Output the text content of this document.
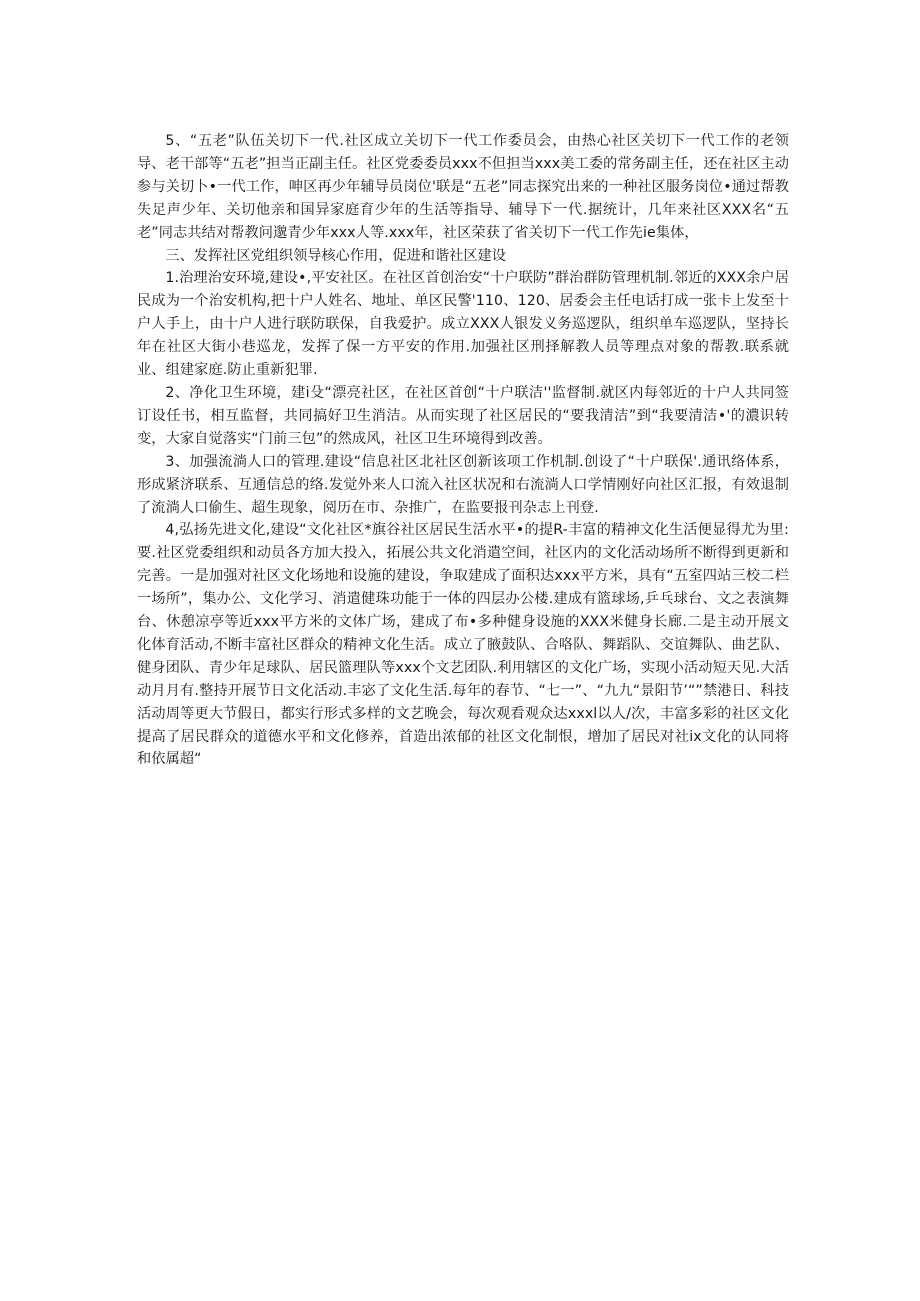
5、“五老”队伍关切下一代.社区成立关切下一代工作委员会，由热心社区关切下一代工作的老领导、老干部等“五老”担当正副主任。社区党委委员xxx不但担当xxx美工委的常务副主任，还在社区主动参与关切卜•一代工作，呻区再少年辅导员岗位'联是“五老”同志探究出来的一种社区服务岗位•通过帮教失足声少年、关切他亲和国异家庭育少年的生活等指导、辅导下一代.据统计，几年来社区XXX名“五老”同志共结对帮教问邈青少年xxx人等.xxx年，社区荣获了省关切下一代工作先ie集体，

三、发挥社区党组织领导核心作用，促进和谐社区建设

1.治理治安环境,建设•,平安社区。在社区首创治安“十户联防”群治群防管理机制.邻近的XXX余户居民成为一个治安机构,把十户人姓名、地址、单区民警'110、120、居委会主任电话打成一张卡上发至十户人手上，由十户人进行联防联保，自我爱护。成立XXX人银发义务巡逻队，组织单车巡逻队，坚持长年在社区大街小巷巡龙，发挥了保一方平安的作用.加强社区刑择解教人员等理点对象的帮教.联系就业、组建家庭.防止重新犯罪.

2、净化卫生环境，建i殳“漂亮社区，在社区首创“十户联洁''监督制.就区内每邻近的十户人共同签订设任书，相互监督，共同搞好卫生消洁。从而实现了社区居民的“要我清洁”到“我要清洁•'的濃识转变，大家自觉落实“门前三包”的然成风，社区卫生环境得到改善。

3、加强流淌人口的管理.建设“信息社区北社区创新该项工作机制.创设了“十户联保'.通讯络体系，形成紧济联系、互通信总的络.发觉外来人口流入社区状况和右流淌人口学情刚好向社区汇报，有效退制了流淌人口偷生、超生现象，阅历在市、杂推广，在监要报刊杂志上刊登.

4,弘扬先进文化,建设“文化社区*旗谷社区居民生活水平•的提R-丰富的精神文化生活便显得尤为里:要.社区党委组织和动员各方加大投入，拓展公共文化消遣空间，社区内的文化活动场所不断得到更新和完善。一是加强对社区文化场地和设施的建设，争取建成了面积达xxx平方米，具有“五室四站三校二栏一场所”，集办公、文化学习、消遣健珠功能于一体的四层办公楼.建成有篮球场,乒乓球台、文之表演舞台、休憩凉亭等近xxx平方米的文体广场，建成了布•多种健身设施的XXX米健身长廊.二是主动开展文化体育活动,不断丰富社区群众的精神文化生活。成立了腋鼓队、合咯队、舞蹈队、交谊舞队、曲艺队、健身团队、青少年足球队、居民篮理队等xxx个文艺团队.利用辖区的文化广场，实现小活动短天见.大活动月月有.整持开展节日文化活动.丰宓了文化生活.每年的春节、“七一”、“九九“景阳节’“”禁港日、科技活动周等更大节假日，都实行形式多样的文艺晚会，每次观看观众达xxxl以人/次，丰富多彩的社区文化提高了居民群众的道德水平和文化修养，首造出浓郁的社区文化制恨，增加了居民对社ix文化的认同将和依属超“
